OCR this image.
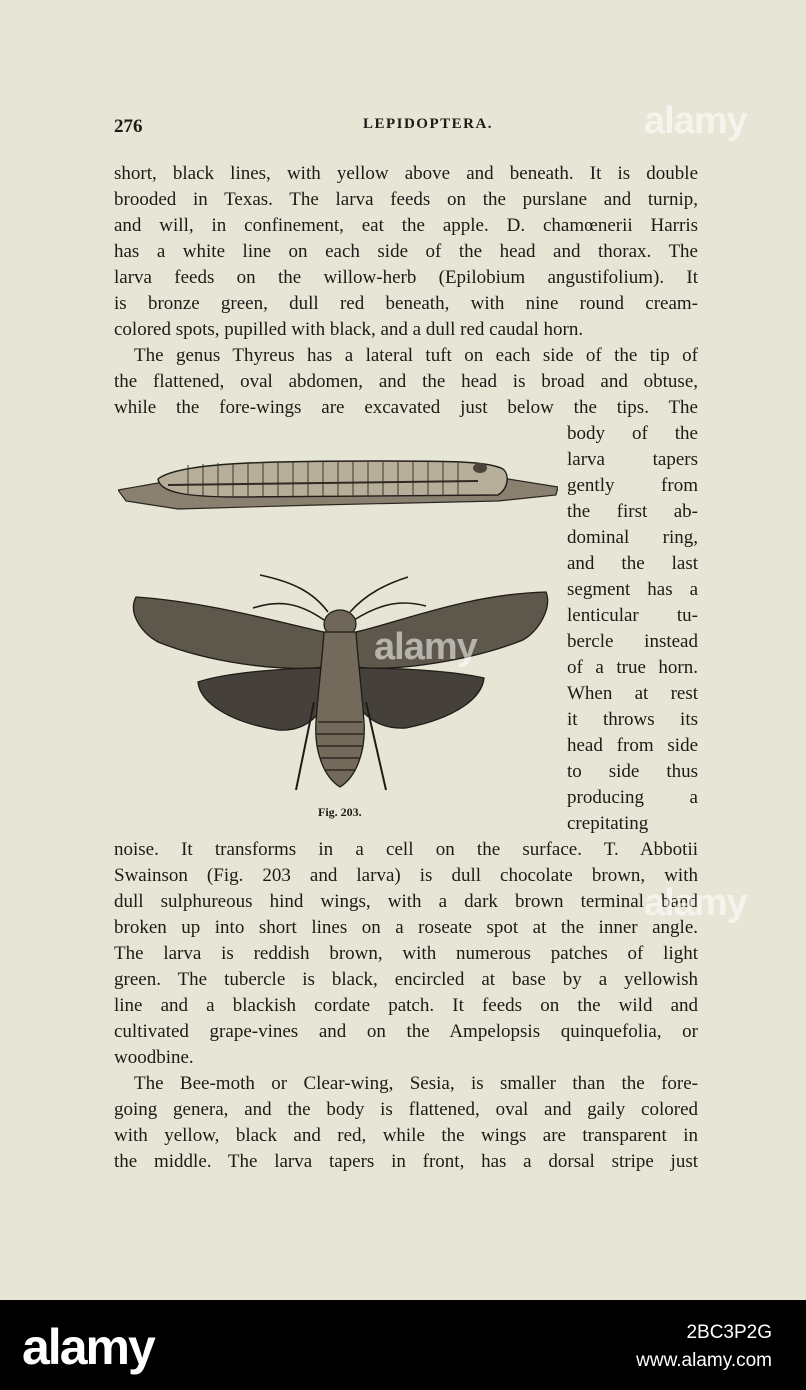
276	LEPIDOPTERA.
short, black lines, with yellow above and beneath. It is double
brooded in Texas. The larva feeds on the purslane and turnip,
and will, in confinement, eat the apple. D. chamœnerii Harris
has a white line on each side of the head and thorax. The
larva feeds on the willow-herb (Epilobium angustifolium). It
is bronze green, dull red beneath, with nine round cream-
colored spots, pupilled with black, and a dull red caudal horn.
The genus Thyreus has a lateral tuft on each side of the tip of
the flattened, oval abdomen, and the head is broad and obtuse,
while the fore-wings are excavated just below the tips. The
body of the
larva tapers
gently from
the first ab-
dominal ring,
and the last
segment has a
lenticular tu-
bercle instead
of a true horn.
When at rest
it throws its
head from side
to side thus
producing a
crepitating
Fig. 203.
noise. It transforms in a cell on the surface. T. Abbotii
Swainson (Fig. 203 and larva) is dull chocolate brown, with
dull sulphureous hind wings, with a dark brown terminal band
broken up into short lines on a roseate spot at the inner angle.
The larva is reddish brown, with numerous patches of light
green. The tubercle is black, encircled at base by a yellowish
line and a blackish cordate patch. It feeds on the wild and
cultivated grape-vines and on the Ampelopsis quinquefolia, or
woodbine.
The Bee-moth or Clear-wing, Sesia, is smaller than the fore-
going genera, and the body is flattened, oval and gaily colored
with yellow, black and red, while the wings are transparent in
the middle. The larva tapers in front, has a dorsal stripe just
alamy
alamy
alamy
alamy	2BC3P2G
www.alamy.com
